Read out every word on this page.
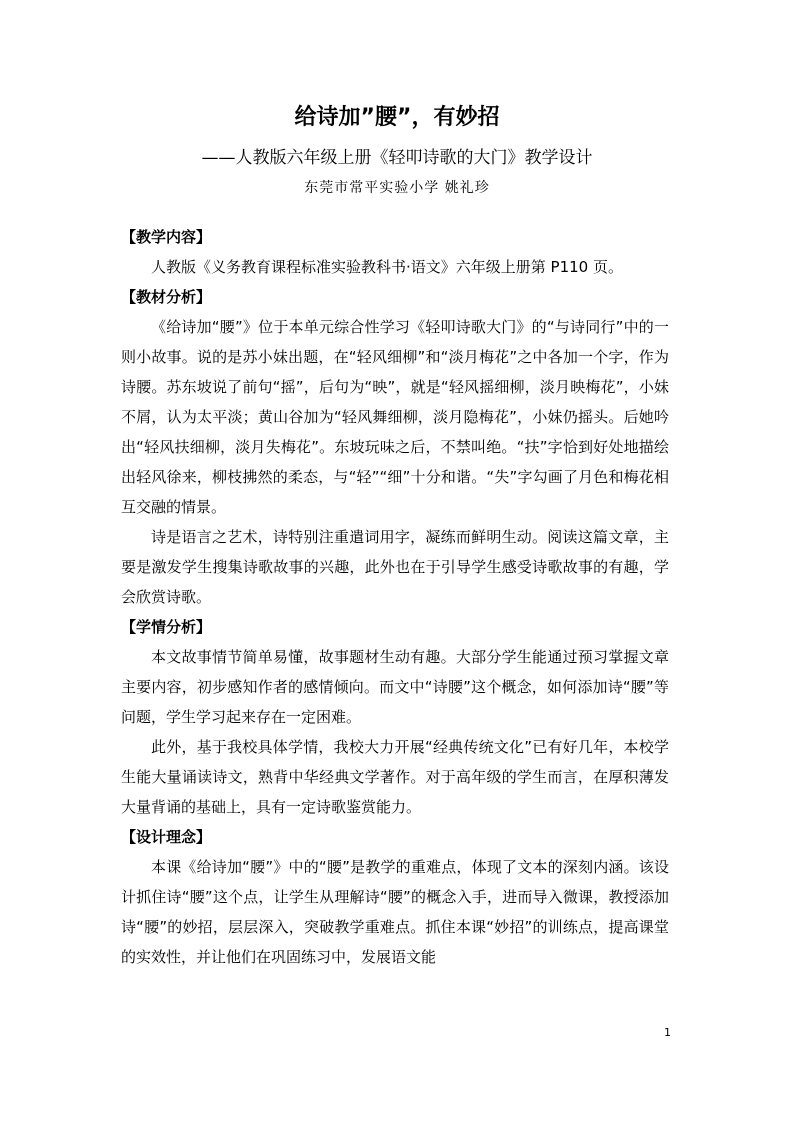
给诗加”腰”，有妙招
——人教版六年级上册《轻叩诗歌的大门》教学设计
东莞市常平实验小学 姚礼珍

【教学内容】

人教版《义务教育课程标准实验教科书·语文》六年级上册第 P110 页。

【教材分析】

《给诗加“腰”》位于本单元综合性学习《轻叩诗歌大门》的“与诗同行”中的一则小故事。说的是苏小妹出题，在“轻风细柳”和“淡月梅花”之中各加一个字，作为诗腰。苏东坡说了前句“摇”，后句为“映”，就是“轻风摇细柳，淡月映梅花”，小妹不屑，认为太平淡；黄山谷加为“轻风舞细柳，淡月隐梅花”，小妹仍摇头。后她吟出“轻风扶细柳，淡月失梅花”。东坡玩味之后，不禁叫绝。“扶”字恰到好处地描绘出轻风徐来，柳枝拂然的柔态，与“轻”“细”十分和谐。“失”字勾画了月色和梅花相互交融的情景。

诗是语言之艺术，诗特别注重遣词用字，凝练而鲜明生动。阅读这篇文章，主要是激发学生搜集诗歌故事的兴趣，此外也在于引导学生感受诗歌故事的有趣，学会欣赏诗歌。

【学情分析】

本文故事情节简单易懂，故事题材生动有趣。大部分学生能通过预习掌握文章主要内容，初步感知作者的感情倾向。而文中“诗腰”这个概念，如何添加诗“腰”等问题，学生学习起来存在一定困难。

此外，基于我校具体学情，我校大力开展“经典传统文化”已有好几年，本校学生能大量诵读诗文，熟背中华经典文学著作。对于高年级的学生而言，在厚积薄发大量背诵的基础上，具有一定诗歌鉴赏能力。

【设计理念】

本课《给诗加“腰”》中的“腰”是教学的重难点，体现了文本的深刻内涵。该设计抓住诗“腰”这个点，让学生从理解诗“腰”的概念入手，进而导入微课，教授添加诗“腰”的妙招，层层深入，突破教学重难点。抓住本课“妙招”的训练点，提高课堂的实效性，并让他们在巩固练习中，发展语文能

1
